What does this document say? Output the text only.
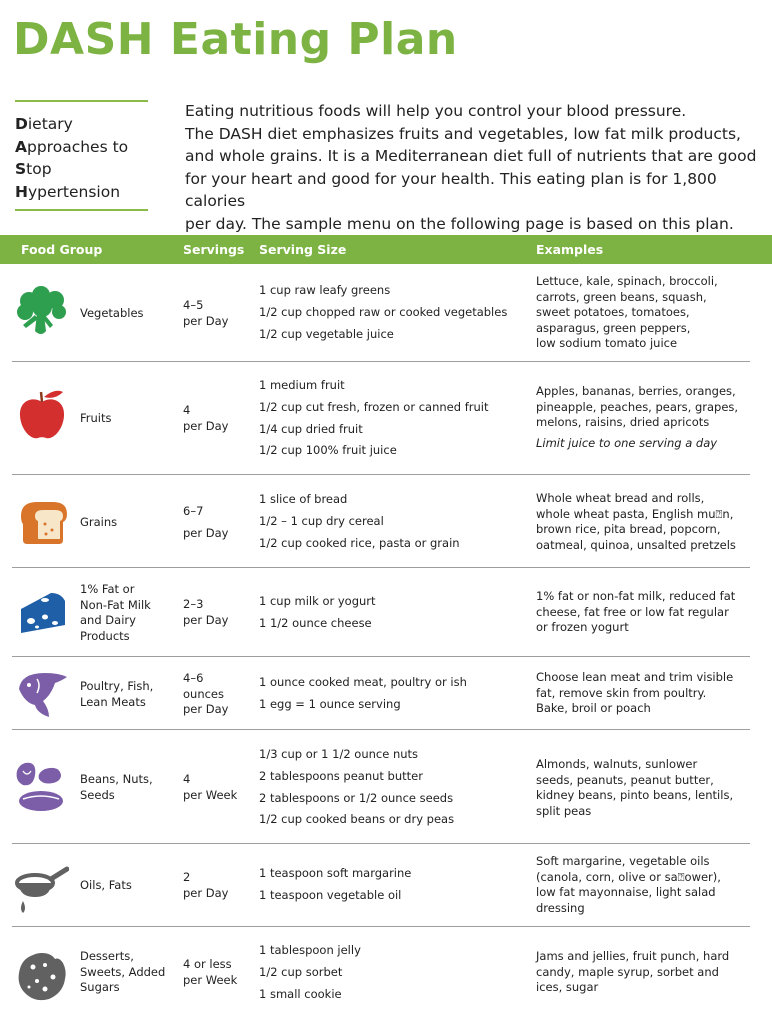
DASH Eating Plan
Dietary
Approaches to
Stop
Hypertension
Eating nutritious foods will help you control your blood pressure.
The DASH diet emphasizes fruits and vegetables, low fat milk products,
and whole grains. It is a Mediterranean diet full of nutrients that are good
for your heart and good for your health. This eating plan is for 1,800 calories
per day. The sample menu on the following page is based on this plan.
Food Group	Servings Serving Size	Examples
Vegetables
4–5
per Day
1 cup raw leafy greens
1/2 cup chopped raw or cooked vegetables
1/2 cup vegetable juice
Lettuce, kale, spinach, broccoli,
carrots, green beans, squash,
sweet potatoes, tomatoes,
asparagus, green peppers,
low sodium tomato juice
Fruits
4
per Day
1 medium fruit
1/2 cup cut fresh, frozen or canned fruit
1/4 cup dried fruit
1/2 cup 100% fruit juice
Apples, bananas, berries, oranges,
pineapple, peaches, pears, grapes,
melons, raisins, dried apricots
Limit juice to one serving a day
Grains
6–7
per Day
1 slice of bread
1/2 – 1 cup dry cereal
1/2 cup cooked rice, pasta or grain
Whole wheat bread and rolls,
whole wheat pasta, English mu⍰n,
brown rice, pita bread, popcorn,
oatmeal, quinoa, unsalted pretzels
1% Fat or
Non-Fat Milk
and Dairy
Products
2–3
per Day
1 cup milk or yogurt
1 1/2 ounce cheese
1% fat or non-fat milk, reduced fat
cheese, fat free or low fat regular
or frozen yogurt
Poultry, Fish,
Lean Meats
4–6
ounces
per Day
1 ounce cooked meat, poultry or ish
1 egg = 1 ounce serving
Choose lean meat and trim visible
fat, remove skin from poultry.
Bake, broil or poach
Beans, Nuts,
Seeds
4
per Week
1/3 cup or 1 1/2 ounce nuts
2 tablespoons peanut butter
2 tablespoons or 1/2 ounce seeds
1/2 cup cooked beans or dry peas
Almonds, walnuts, sunlower
seeds, peanuts, peanut butter,
kidney beans, pinto beans, lentils,
split peas
Oils, Fats
2
per Day
1 teaspoon soft margarine
1 teaspoon vegetable oil
Soft margarine, vegetable oils
(canola, corn, olive or sa⍰ower),
low fat mayonnaise, light salad
dressing
Desserts,
Sweets, Added
Sugars
4 or less
per Week
1 tablespoon jelly
1/2 cup sorbet
1 small cookie
Jams and jellies, fruit punch, hard
candy, maple syrup, sorbet and
ices, sugar
